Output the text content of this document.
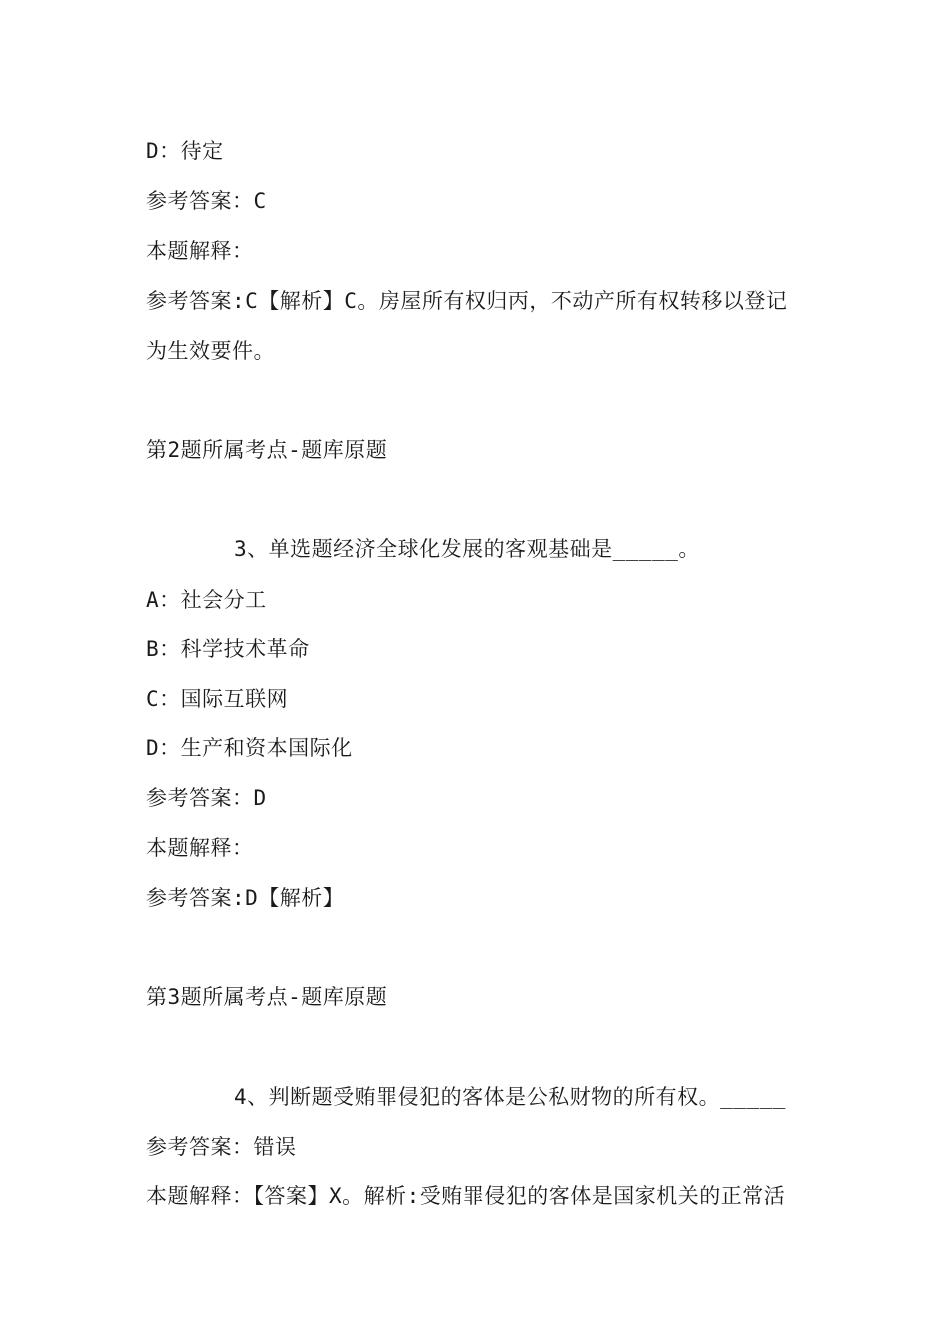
D：待定
参考答案：C
本题解释：
参考答案:C【解析】C。房屋所有权归丙，不动产所有权转移以登记
为生效要件。
第2题所属考点-题库原题
3、单选题经济全球化发展的客观基础是_____。
A：社会分工
B：科学技术革命
C：国际互联网
D：生产和资本国际化
参考答案：D
本题解释：
参考答案:D【解析】
第3题所属考点-题库原题
4、判断题受贿罪侵犯的客体是公私财物的所有权。_____
参考答案：错误
本题解释：【答案】X。解析:受贿罪侵犯的客体是国家机关的正常活
